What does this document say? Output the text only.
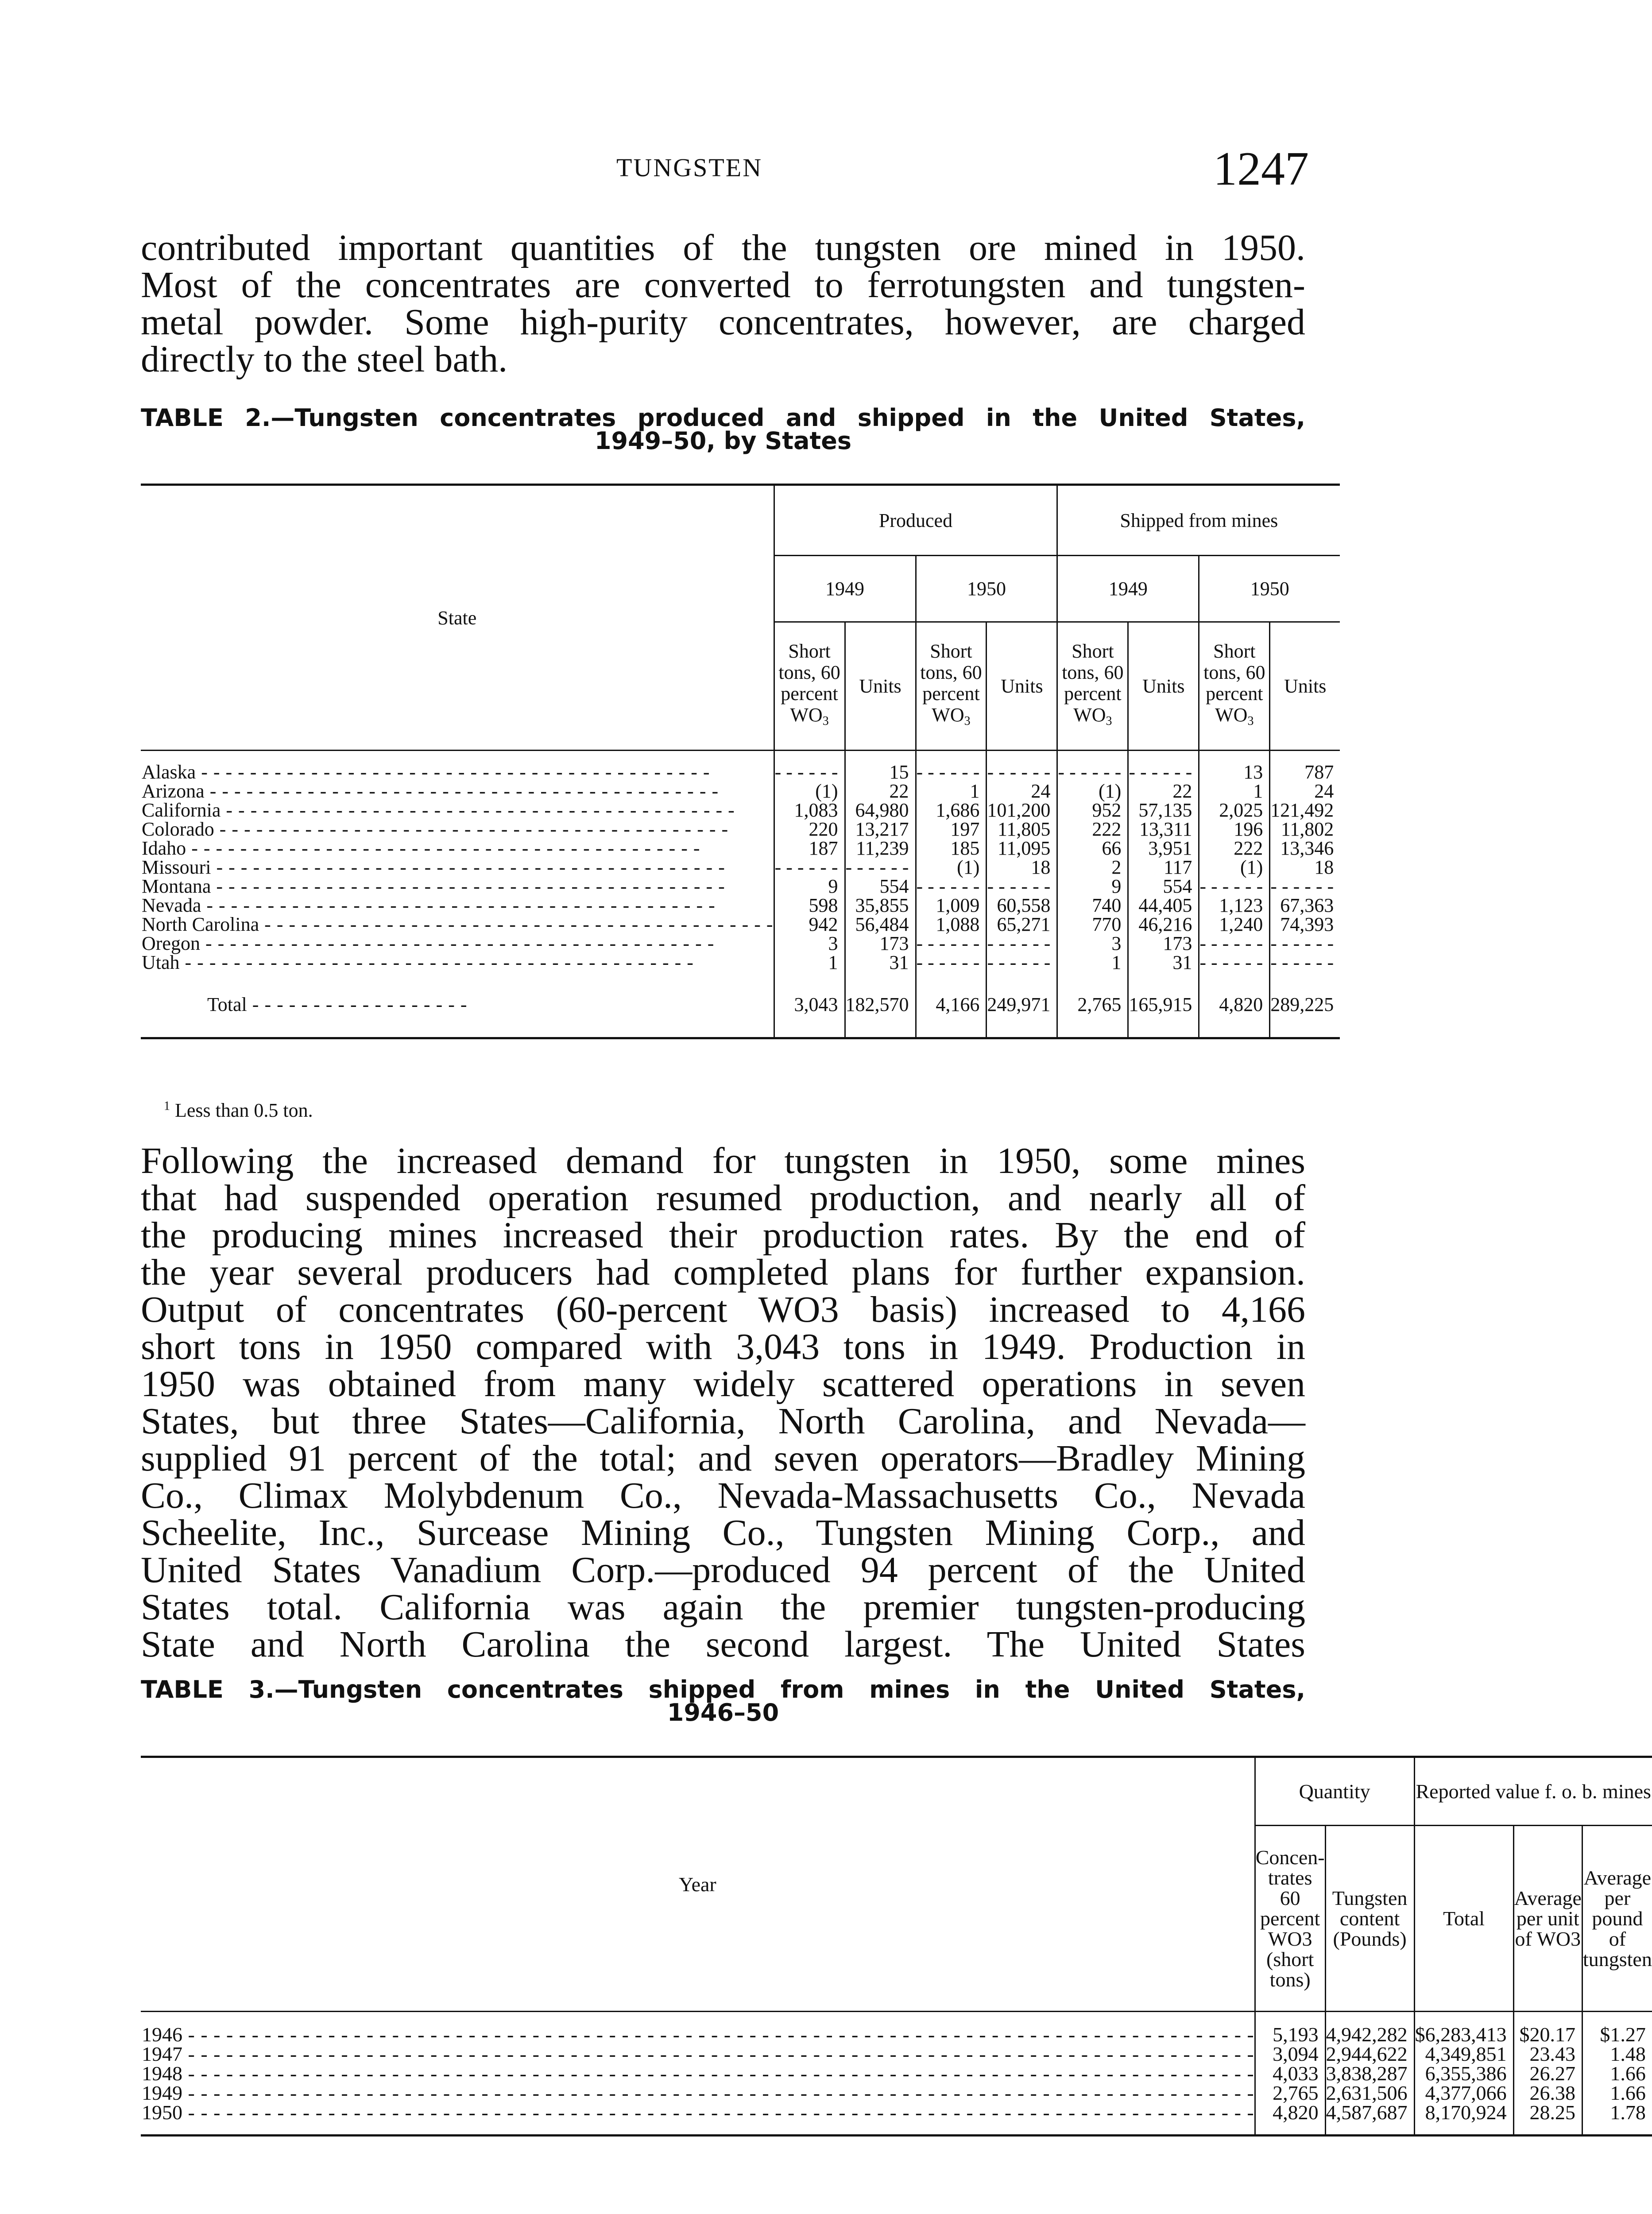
TUNGSTEN	1247
contributed important quantities of the tungsten ore mined in 1950.
Most of the concentrates are converted to ferrotungsten and tungsten-
metal powder. Some high-purity concentrates, however, are charged
directly to the steel bath.
TABLE 2.—Tungsten concentrates produced and shipped in the United States,
1949–50, by States
State	Produced				Shipped from mines			
	1949		1950		1949		1950	
	Short tons, 60 percent $WO_3$	Units	Short tons, 60 percent $WO_3$	Units	Short tons, 60 percent $WO_3$	Units	Short tons, 60 percent $WO_3$	Units
Alaska - - - - - - - - - - - - - - - - - - - - - - - - - - - - - - - - - - - - - - - - - -	- - - - - -	15	- - - - - -	- - - - - -	- - - - - -	- - - - - -	13	787
Arizona - - - - - - - - - - - - - - - - - - - - - - - - - - - - - - - - - - - - - - - - - -	(1)	22	1	24	(1)	22	1	24
California - - - - - - - - - - - - - - - - - - - - - - - - - - - - - - - - - - - - - - - - - -	1,083	64,980	1,686	101,200	952	57,135	2,025	121,492
Colorado - - - - - - - - - - - - - - - - - - - - - - - - - - - - - - - - - - - - - - - - - -	220	13,217	197	11,805	222	13,311	196	11,802
Idaho - - - - - - - - - - - - - - - - - - - - - - - - - - - - - - - - - - - - - - - - - -	187	11,239	185	11,095	66	3,951	222	13,346
Missouri - - - - - - - - - - - - - - - - - - - - - - - - - - - - - - - - - - - - - - - - - -	- - - - - -	- - - - - -	(1)	18	2	117	(1)	18
Montana - - - - - - - - - - - - - - - - - - - - - - - - - - - - - - - - - - - - - - - - - -	9	554	- - - - - -	- - - - - -	9	554	- - - - - -	- - - - - -
Nevada - - - - - - - - - - - - - - - - - - - - - - - - - - - - - - - - - - - - - - - - - -	598	35,855	1,009	60,558	740	44,405	1,123	67,363
North Carolina - - - - - - - - - - - - - - - - - - - - - - - - - - - - - - - - - - - - - - - - - -	942	56,484	1,088	65,271	770	46,216	1,240	74,393
Oregon - - - - - - - - - - - - - - - - - - - - - - - - - - - - - - - - - - - - - - - - - -	3	173	- - - - - -	- - - - - -	3	173	- - - - - -	- - - - - -
Utah - - - - - - - - - - - - - - - - - - - - - - - - - - - - - - - - - - - - - - - - - -	1	31	- - - - - -	- - - - - -	1	31	- - - - - -	- - - - - -
Total - - - - - - - - - - - - - - - - - -	3,043	182,570	4,166	249,971	2,765	165,915	4,820	289,225
$^1$ Less than 0.5 ton.
Following the increased demand for tungsten in 1950, some mines
that had suspended operation resumed production, and nearly all of
the producing mines increased their production rates. By the end of
the year several producers had completed plans for further expansion.
Output of concentrates (60-percent WO3 basis) increased to 4,166
short tons in 1950 compared with 3,043 tons in 1949. Production in
1950 was obtained from many widely scattered operations in seven
States, but three States—California, North Carolina, and Nevada—
supplied 91 percent of the total; and seven operators—Bradley Mining
Co., Climax Molybdenum Co., Nevada-Massachusetts Co., Nevada
Scheelite, Inc., Surcease Mining Co., Tungsten Mining Corp., and
United States Vanadium Corp.—produced 94 percent of the United
States total. California was again the premier tungsten-producing
State and North Carolina the second largest. The United States
TABLE 3.—Tungsten concentrates shipped from mines in the United States,
1946–50
Year	Quantity		Reported value f. o. b. mines		
	Concen- trates 60 percent WO3 (short tons)	Tungsten content (Pounds)	Total	Average per unit of WO3	Average per pound of tungsten

1946 - - - - - - - - - - - - - - - - - - - - - - - - - - - - - - - - - - - - - - - - - - - - - - - - - - - - - - - - - - - - - - - - - - - - - - - - - - - - - - - - - - - -	5,193	4,942,282	$6,283,413	$20.17	$1.27
1947 - - - - - - - - - - - - - - - - - - - - - - - - - - - - - - - - - - - - - - - - - - - - - - - - - - - - - - - - - - - - - - - - - - - - - - - - - - - - - - - - - - - -	3,094	2,944,622	4,349,851	23.43	1.48
1948 - - - - - - - - - - - - - - - - - - - - - - - - - - - - - - - - - - - - - - - - - - - - - - - - - - - - - - - - - - - - - - - - - - - - - - - - - - - - - - - - - - - -	4,033	3,838,287	6,355,386	26.27	1.66
1949 - - - - - - - - - - - - - - - - - - - - - - - - - - - - - - - - - - - - - - - - - - - - - - - - - - - - - - - - - - - - - - - - - - - - - - - - - - - - - - - - - - - -	2,765	2,631,506	4,377,066	26.38	1.66
1950 - - - - - - - - - - - - - - - - - - - - - - - - - - - - - - - - - - - - - - - - - - - - - - - - - - - - - - - - - - - - - - - - - - - - - - - - - - - - - - - - - - - -	4,820	4,587,687	8,170,924	28.25	1.78
